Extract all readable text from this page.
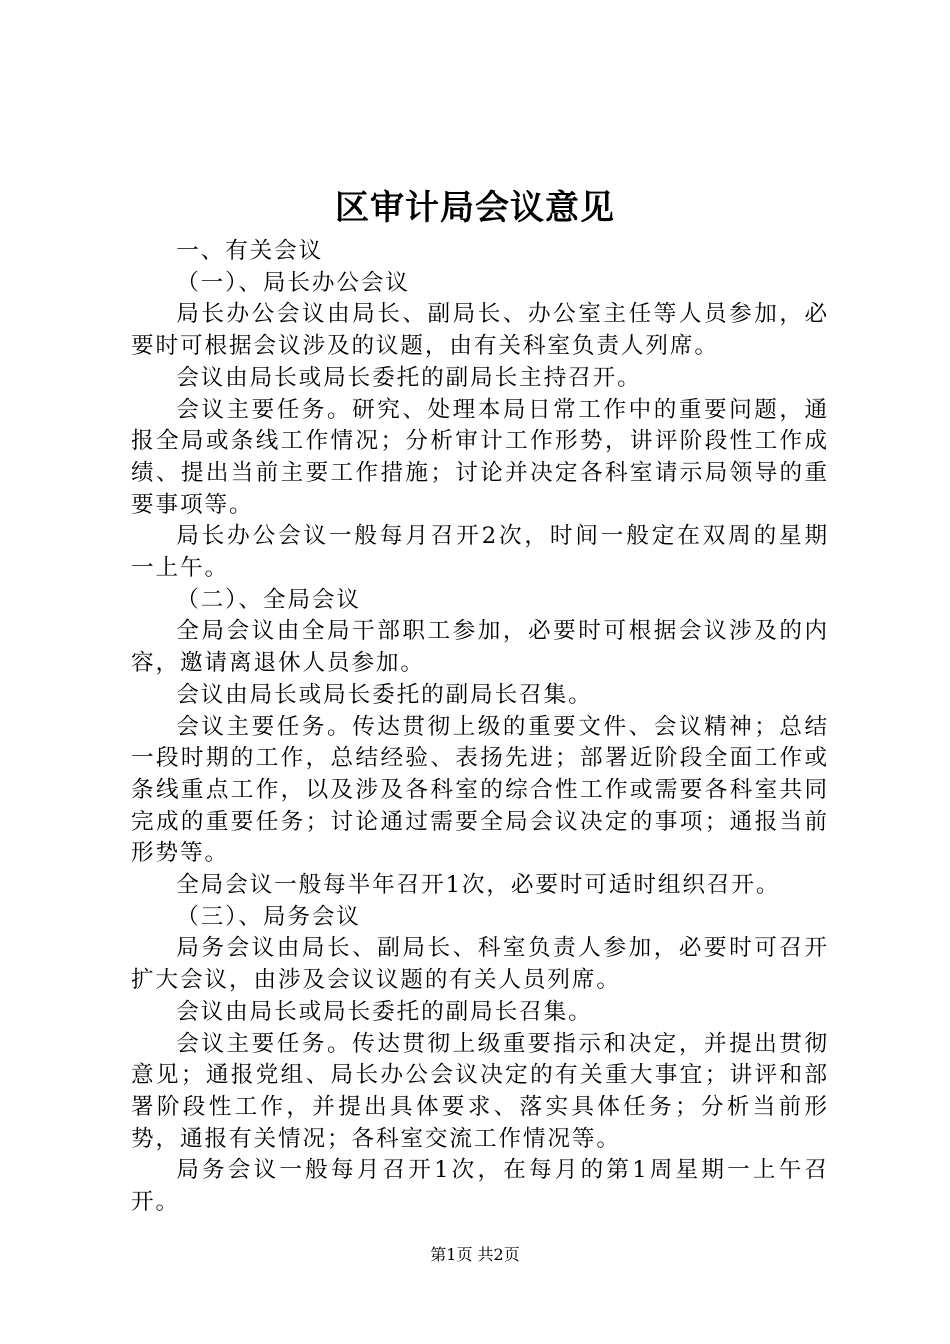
区审计局会议意见

一、有关会议

（一）、局长办公会议

局长办公会议由局长、副局长、办公室主任等人员参加，必要时可根据会议涉及的议题，由有关科室负责人列席。

会议由局长或局长委托的副局长主持召开。

会议主要任务。研究、处理本局日常工作中的重要问题，通报全局或条线工作情况；分析审计工作形势，讲评阶段性工作成绩、提出当前主要工作措施；讨论并决定各科室请示局领导的重要事项等。

局长办公会议一般每月召开2次，时间一般定在双周的星期一上午。

（二）、全局会议

全局会议由全局干部职工参加，必要时可根据会议涉及的内容，邀请离退休人员参加。

会议由局长或局长委托的副局长召集。

会议主要任务。传达贯彻上级的重要文件、会议精神；总结一段时期的工作，总结经验、表扬先进；部署近阶段全面工作或条线重点工作，以及涉及各科室的综合性工作或需要各科室共同完成的重要任务；讨论通过需要全局会议决定的事项；通报当前形势等。

全局会议一般每半年召开1次，必要时可适时组织召开。

（三）、局务会议

局务会议由局长、副局长、科室负责人参加，必要时可召开扩大会议，由涉及会议议题的有关人员列席。

会议由局长或局长委托的副局长召集。

会议主要任务。传达贯彻上级重要指示和决定，并提出贯彻意见；通报党组、局长办公会议决定的有关重大事宜；讲评和部署阶段性工作，并提出具体要求、落实具体任务；分析当前形势，通报有关情况；各科室交流工作情况等。

局务会议一般每月召开1次，在每月的第1周星期一上午召开。

第1页 共2页
